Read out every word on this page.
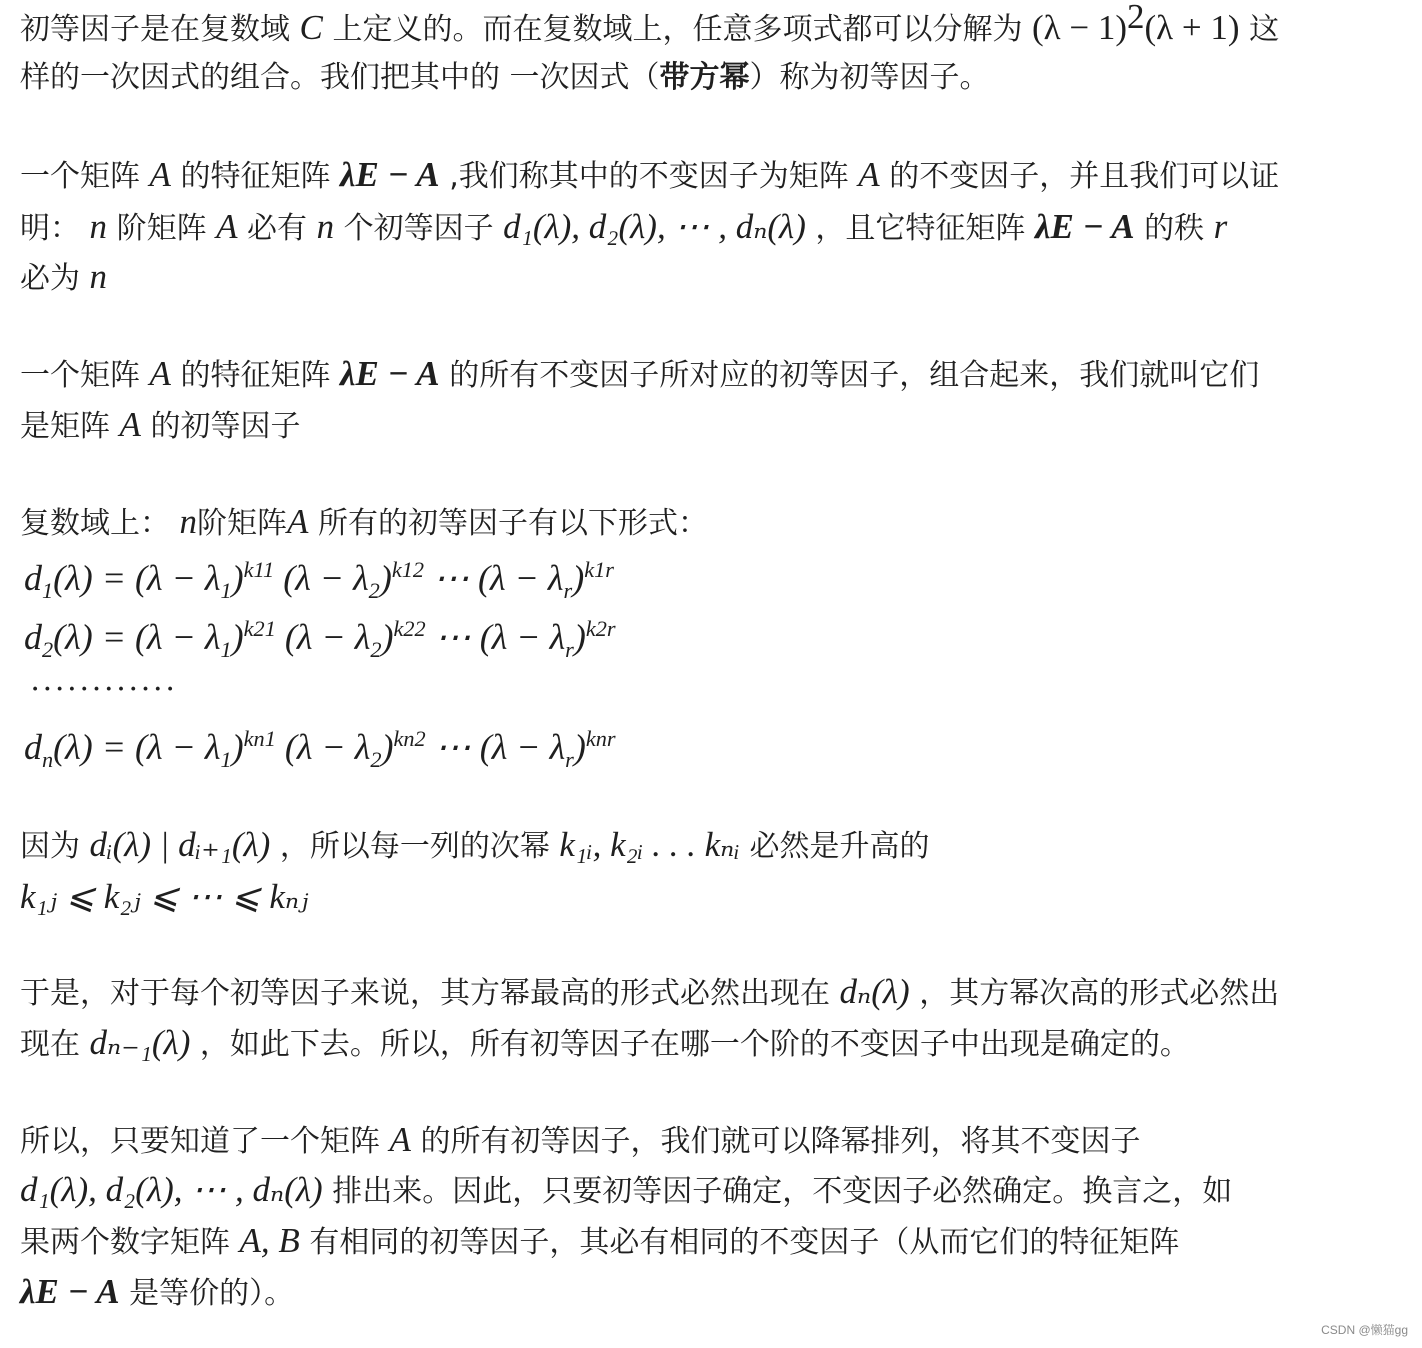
初等因子是在复数域 C 上定义的。而在复数域上，任意多项式都可以分解为 $(\lambda - 1)^2(\lambda + 1)$ 这
样的一次因式的组合。我们把其中的 一次因式（带方幂）称为初等因子。
一个矩阵 A 的特征矩阵 λE − A ,我们称其中的不变因子为矩阵 A 的不变因子，并且我们可以证
明： n 阶矩阵 A 必有 n 个初等因子 d₁(λ), d₂(λ), ⋯ , dₙ(λ) ，且它特征矩阵 λE − A 的秩 r
必为 n
一个矩阵 A 的特征矩阵 λE − A 的所有不变因子所对应的初等因子，组合起来，我们就叫它们
是矩阵 A 的初等因子
复数域上： n阶矩阵A 所有的初等因子有以下形式：
$d_1(\lambda) = (\lambda - \lambda_1)^{k11}$ $(\lambda - \lambda_2)^{k12}$ ⋯ $(\lambda - \lambda_r)^{k1r}$
$d_2(\lambda) = (\lambda - \lambda_1)^{k21}$ $(\lambda - \lambda_2)^{k22}$ ⋯ $(\lambda - \lambda_r)^{k2r}$
⋅⋅⋅⋅⋅⋅⋅⋅⋅⋅⋅⋅
$d_n(\lambda) = (\lambda - \lambda_1)^{kn1}$ $(\lambda - \lambda_2)^{kn2}$ ⋯ $(\lambda - \lambda_r)^{knr}$
因为 dᵢ(λ) | dᵢ₊₁(λ) ，所以每一列的次幂 k₁ᵢ, k₂ᵢ . . . kₙᵢ 必然是升高的
k₁ⱼ ⩽ k₂ⱼ ⩽ ⋯ ⩽ kₙⱼ
于是，对于每个初等因子来说，其方幂最高的形式必然出现在 dₙ(λ) ，其方幂次高的形式必然出
现在 dₙ₋₁(λ) ，如此下去。所以，所有初等因子在哪一个阶的不变因子中出现是确定的。
所以，只要知道了一个矩阵 A 的所有初等因子，我们就可以降幂排列，将其不变因子
d₁(λ), d₂(λ), ⋯ , dₙ(λ) 排出来。因此，只要初等因子确定，不变因子必然确定。换言之，如
果两个数字矩阵 A, B 有相同的初等因子，其必有相同的不变因子（从而它们的特征矩阵
λE − A 是等价的）。
CSDN @懒猫gg
